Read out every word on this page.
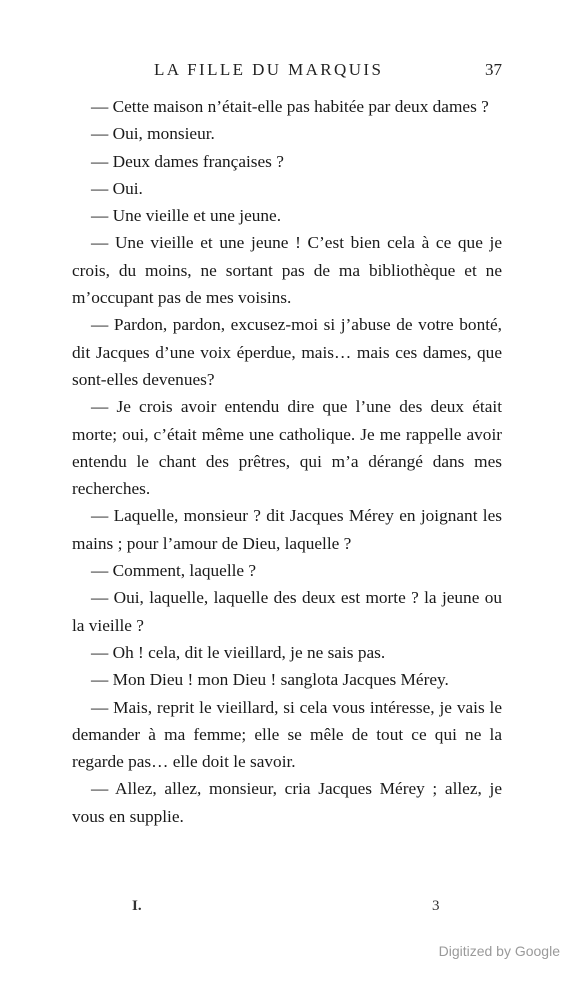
LA FILLE DU MARQUIS	37

— Cette maison n’était-elle pas habitée par deux dames ?

— Oui, monsieur.

— Deux dames françaises ?

— Oui.

— Une vieille et une jeune.

— Une vieille et une jeune ! C’est bien cela à ce que je crois, du moins, ne sortant pas de ma bibliothèque et ne m’occupant pas de mes voisins.

— Pardon, pardon, excusez-moi si j’abuse de votre bonté, dit Jacques d’une voix éperdue, mais… mais ces dames, que sont-elles devenues?

— Je crois avoir entendu dire que l’une des deux était morte; oui, c’était même une catholique. Je me rappelle avoir entendu le chant des prêtres, qui m’a dérangé dans mes recherches.

— Laquelle, monsieur ? dit Jacques Mérey en joignant les mains ; pour l’amour de Dieu, laquelle ?

— Comment, laquelle ?

— Oui, laquelle, laquelle des deux est morte ? la jeune ou la vieille ?

— Oh ! cela, dit le vieillard, je ne sais pas.

— Mon Dieu ! mon Dieu ! sanglota Jacques Mérey.

— Mais, reprit le vieillard, si cela vous intéresse, je vais le demander à ma femme; elle se mêle de tout ce qui ne la regarde pas… elle doit le savoir.

— Allez, allez, monsieur, cria Jacques Mérey ; allez, je vous en supplie.

I.	3
Digitized by Google
